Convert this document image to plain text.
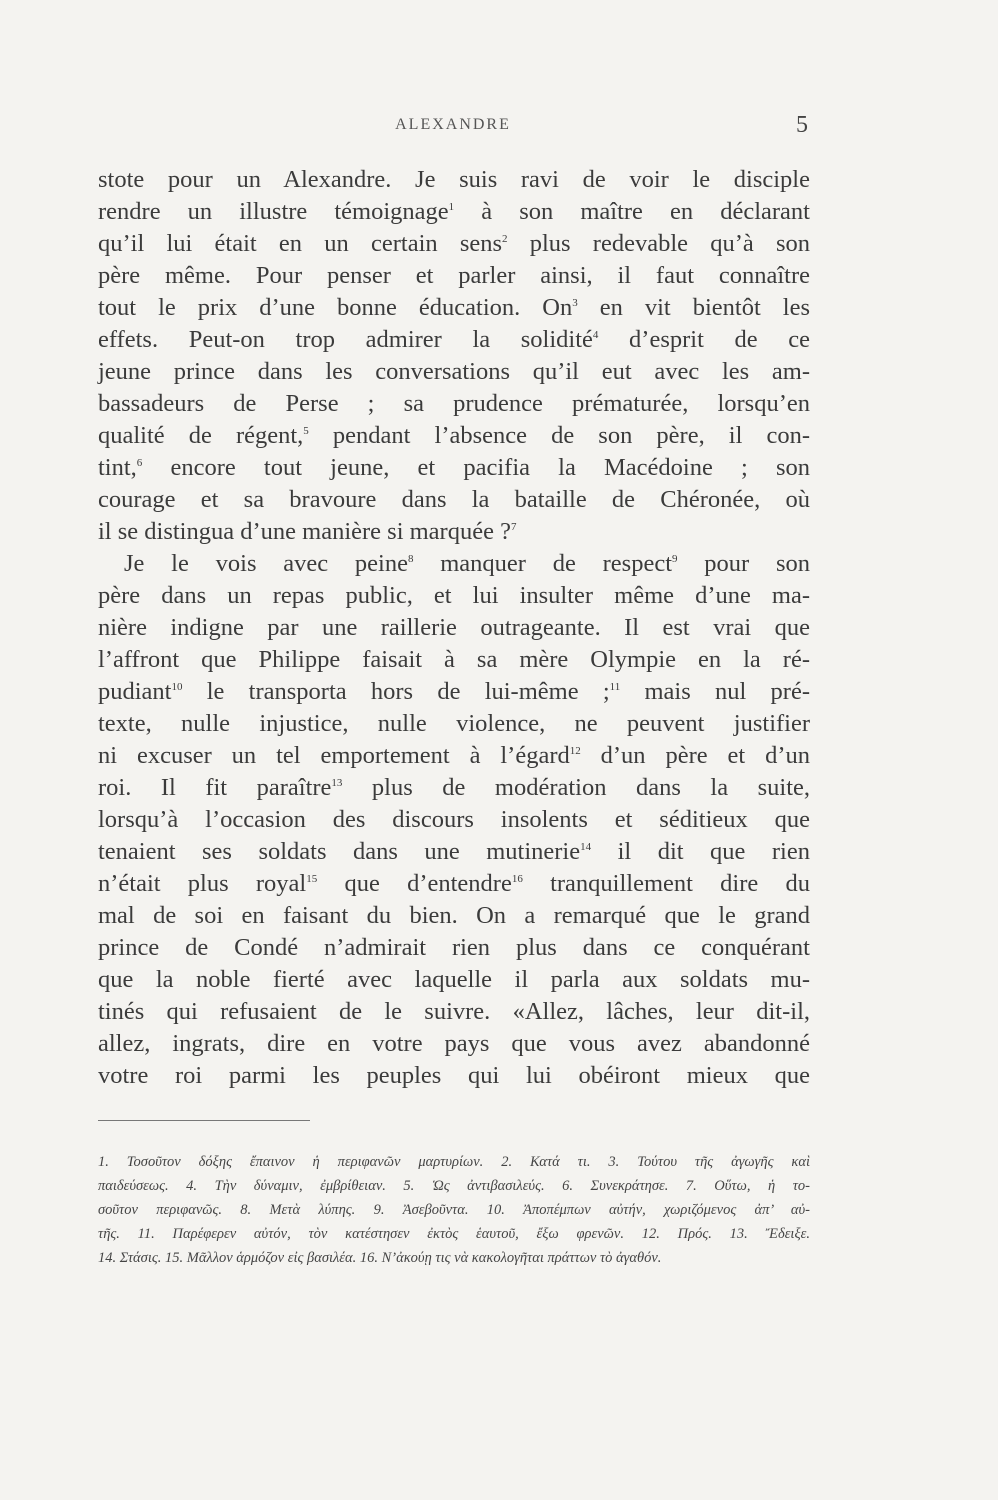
ALEXANDRE	5
stote pour un Alexandre. Je suis ravi de voir le disciple
rendre un illustre témoignage$^1$ à son maître en déclarant
qu’il lui était en un certain sens$^2$ plus redevable qu’à son
père même. Pour penser et parler ainsi, il faut connaître
tout le prix d’une bonne éducation. On$^3$ en vit bientôt les
effets. Peut-on trop admirer la solidité$^4$ d’esprit de ce
jeune prince dans les conversations qu’il eut avec les am-
bassadeurs de Perse ; sa prudence prématurée, lorsqu’en
qualité de régent,$^5$ pendant l’absence de son père, il con-
tint,$^6$ encore tout jeune, et pacifia la Macédoine ; son
courage et sa bravoure dans la bataille de Chéronée, où
il se distingua d’une manière si marquée ?$^7$
Je le vois avec peine$^8$ manquer de respect$^9$ pour son
père dans un repas public, et lui insulter même d’une ma-
nière indigne par une raillerie outrageante. Il est vrai que
l’affront que Philippe faisait à sa mère Olympie en la ré-
pudiant$^{10}$ le transporta hors de lui-même ;$^{11}$ mais nul pré-
texte, nulle injustice, nulle violence, ne peuvent justifier
ni excuser un tel emportement à l’égard$^{12}$ d’un père et d’un
roi. Il fit paraître$^{13}$ plus de modération dans la suite,
lorsqu’à l’occasion des discours insolents et séditieux que
tenaient ses soldats dans une mutinerie$^{14}$ il dit que rien
n’était plus royal$^{15}$ que d’entendre$^{16}$ tranquillement dire du
mal de soi en faisant du bien. On a remarqué que le grand
prince de Condé n’admirait rien plus dans ce conquérant
que la noble fierté avec laquelle il parla aux soldats mu-
tinés qui refusaient de le suivre. «Allez, lâches, leur dit-il,
allez, ingrats, dire en votre pays que vous avez abandonné
votre roi parmi les peuples qui lui obéiront mieux que
1. Τοσοῦτον δόξης ἔπαινον ἡ περιφανῶν μαρτυρίων. 2. Κατά τι. 3. Τούτου τῆς ἀγωγῆς καὶ
παιδεύσεως. 4. Τὴν δύναμιν, ἐμβρίθειαν. 5. Ὡς ἀντιβασιλεύς. 6. Συνεκράτησε. 7. Οὕτω, ἡ το-
σοῦτον περιφανῶς. 8. Μετὰ λύπης. 9. Ἀσεβοῦντα. 10. Ἀποπέμπων αὐτήν, χωριζόμενος ἀπ’ αὐ-
τῆς. 11. Παρέφερεν αὐτόν, τὸν κατέστησεν ἐκτὸς ἑαυτοῦ, ἔξω φρενῶν. 12. Πρός. 13. Ἔδειξε.
14. Στάσις. 15. Μᾶλλον ἁρμόζον εἰς βασιλέα. 16. Ν’ἀκούῃ τις νὰ κακολογῆται πράττων τὸ ἀγαθόν.
